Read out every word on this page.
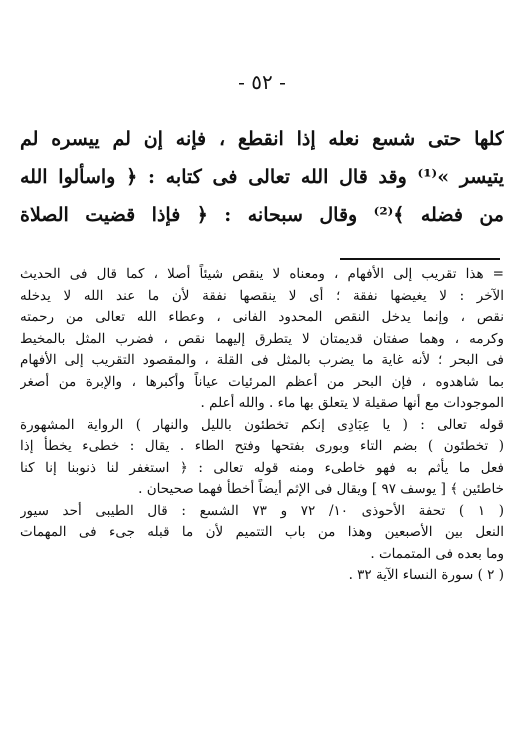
- ٥٢ -
كلها حتى شسع نعله إذا انقطع ، فإنه إن لم ييسره لم
يتيسر »⁽¹⁾ وقد قال الله تعالى فى كتابه : ﴿ واسألوا الله
من فضله ﴾⁽²⁾ وقال سبحانه : ﴿ فإذا قضيت الصلاة
= هذا تقريب إلى الأفهام ، ومعناه لا ينقص شيئاً أصلا ، كما قال فى الحديث
الآخر : لا يغيضها نفقة ؛ أى لا ينقصها نفقة لأن ما عند الله لا يدخله
نقص ، وإنما يدخل النقص المحدود الفانى ، وعطاء الله تعالى من رحمته
وكرمه ، وهما صفتان قديمتان لا يتطرق إليهما نقص ، فضرب المثل بالمخيط
فى البحر ؛ لأنه غاية ما يضرب بالمثل فى القلة ، والمقصود التقريب إلى الأفهام
بما شاهدوه ، فإن البحر من أعظم المرئيات عياناً وأكبرها ، والإبرة من أصغر
الموجودات مع أنها صقيلة لا يتعلق بها ماء . والله أعلم .
قوله تعالى : ( يا عِبَادِى إنكم تخطئون بالليل والنهار ) الرواية المشهورة
( تخطئون ) بضم التاء وبورى بفتحها وفتح الطاء . يقال : خطىء يخطأ إذا
فعل ما يأثم به فهو خاطىء ومنه قوله تعالى : ﴿ استغفر لنا ذنوبنا إنا كنا
خاطئين ﴾ [ يوسف ٩٧ ] ويقال فى الإثم أيضاً أخطأ فهما صحيحان .
( ١ ) تحفة الأحوذى ١٠/ ٧٢ و ٧٣ الشسع : قال الطيبى أحد سيور
النعل بين الأصبعين وهذا من باب التتميم لأن ما قبله جىء فى المهمات
وما بعده فى المتممات .
( ٢ ) سورة النساء الآية ٣٢ .
